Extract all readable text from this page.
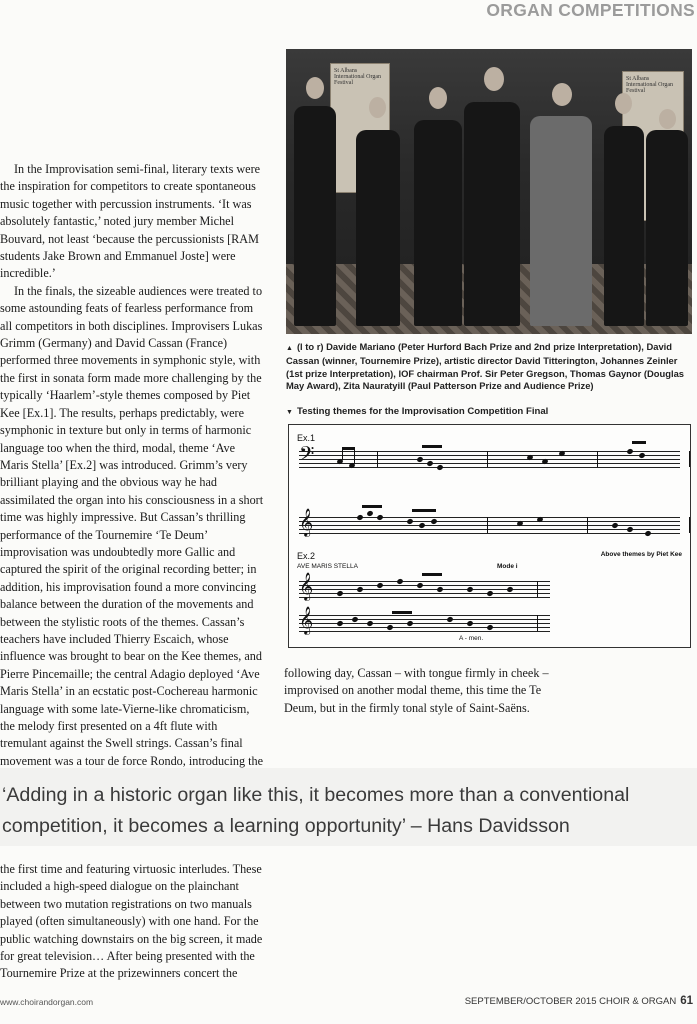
ORGAN COMPETITIONS

In the Improvisation semi-final, literary texts were the inspiration for competitors to create spontaneous music together with percussion instruments. ‘It was absolutely fantastic,’ noted jury member Michel Bouvard, not least ‘because the percussionists [RAM students Jake Brown and Emmanuel Joste] were incredible.’

In the finals, the sizeable audiences were treated to some astounding feats of fearless performance from all competitors in both disciplines. Improvisers Lukas Grimm (Germany) and David Cassan (France) performed three movements in symphonic style, with the first in sonata form made more challenging by the typically ‘Haarlem’-style themes composed by Piet Kee [Ex.1]. The results, perhaps predictably, were symphonic in texture but only in terms of harmonic language too when the third, modal, theme ‘Ave Maris Stella’ [Ex.2] was introduced. Grimm’s very brilliant playing and the obvious way he had assimilated the organ into his consciousness in a short time was highly impressive. But Cassan’s thrilling performance of the Tournemire ‘Te Deum’ improvisation was undoubtedly more Gallic and captured the spirit of the original recording better; in addition, his improvisation found a more convincing balance between the duration of the movements and between the stylistic roots of the themes. Cassan’s teachers have included Thierry Escaich, whose influence was brought to bear on the Kee themes, and Pierre Pincemaille; the central Adagio deployed ‘Ave Maris Stella’ in an ecstatic post-Cochereau harmonic language with some late-Vierne-like chromaticism, the melody first presented on a 4ft flute with tremulant against the Swell strings. Cassan’s final movement was a tour de force Rondo, introducing the

St Albans International Organ Festival
St Albans International Organ Festival
▲ (l to r) Davide Mariano (Peter Hurford Bach Prize and 2nd prize Interpretation), David Cassan (winner, Tournemire Prize), artistic director David Titterington, Johannes Zeinler (1st prize Interpretation), IOF chairman Prof. Sir Peter Gregson, Thomas Gaynor (Douglas May Award), Zita Nauratyill (Paul Patterson Prize and Audience Prize)
▼ Testing themes for the Improvisation Competition Final
Ex.1
𝄢
𝄞
Ex.2
AVE MARIS STELLA	Mode i
Above themes by Piet Kee
𝄞
𝄞
A - men.
following day, Cassan – with tongue firmly in cheek – improvised on another modal theme, this time the Te Deum, but in the firmly tonal style of Saint-Saëns.

‘Adding in a historic organ like this, it becomes more than a conventional competition, it becomes a learning opportunity’ – Hans Davidsson

the first time and featuring virtuosic interludes. These included a high-speed dialogue on the plainchant between two mutation registrations on two manuals played (often simultaneously) with one hand. For the public watching downstairs on the big screen, it made for great television… After being presented with the Tournemire Prize at the prizewinners concert the
www.choirandorgan.com	SEPTEMBER/OCTOBER 2015 CHOIR & ORGAN 61
